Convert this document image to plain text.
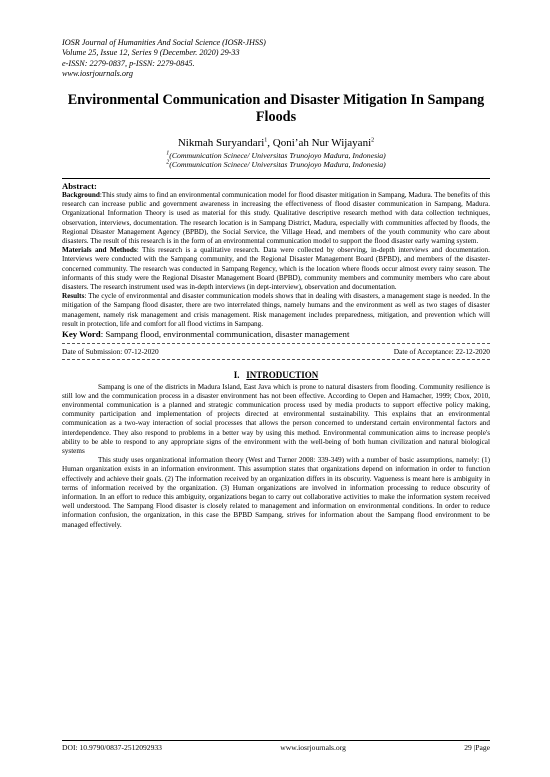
IOSR Journal of Humanities And Social Science (IOSR-JHSS)
Volume 25, Issue 12, Series 9 (December. 2020) 29-33
e-ISSN: 2279-0837, p-ISSN: 2279-0845.
www.iosrjournals.org
Environmental Communication and Disaster Mitigation In Sampang Floods
Nikmah Suryandari$^1$, Qoni’ah Nur Wijayani$^2$
$^1$(Communication Scinece/ Universitas Trunojoyo Madura, Indonesia)
$^2$(Communication Scinece/ Universitas Trunojoyo Madura, Indonesia)
Abstract:
Background:This study aims to find an environmental communication model for flood disaster mitigation in Sampang, Madura. The benefits of this research can increase public and government awareness in increasing the effectiveness of flood disaster communication in Sampang, Madura. Organizational Information Theory is used as material for this study. Qualitative descriptive research method with data collection techniques, observation, interviews, documentation. The research location is in Sampang District, Madura, especially with communities affected by floods, the Regional Disaster Management Agency (BPBD), the Social Service, the Village Head, and members of the youth community who care about disasters. The result of this research is in the form of an environmental communication model to support the flood disaster early warning system.
Materials and Methods: This research is a qualitative research. Data were collected by observing, in-depth interviews and documentation. Interviews were conducted with the Sampang community, and the Regional Disaster Management Board (BPBD), and members of the disaster-concerned community. The research was conducted in Sampang Regency, which is the location where floods occur almost every rainy season. The informants of this study were the Regional Disaster Management Board (BPBD), community members and community members who care about disasters. The research instrument used was in-depth interviews (in dept-interview), observation and documentation.
Results: The cycle of environmental and disaster communication models shows that in dealing with disasters, a management stage is needed. In the mitigation of the Sampang flood disaster, there are two interrelated things, namely humans and the environment as well as two stages of disaster management, namely risk management and crisis management. Risk management includes preparedness, mitigation, and prevention which will result in protection, life and comfort for all flood victims in Sampang.
Key Word: Sampang flood, environmental communication, disaster management
Date of Submission: 07-12-2020	Date of Acceptance: 22-12-2020
I. INTRODUCTION

Sampang is one of the districts in Madura Island, East Java which is prone to natural disasters from flooding. Community resilience is still low and the communication process in a disaster environment has not been effective. According to Oepen and Hamacher, 1999; Cbox, 2010, environmental communication is a planned and strategic communication process used by media products to support effective policy making, community participation and implementation of projects directed at environmental sustainability. This explains that an environmental communication as a two-way interaction of social processes that allows the person concerned to understand certain environmental factors and interdependence. They also respond to problems in a better way by using this method. Environmental communication aims to increase people's ability to be able to respond to any appropriate signs of the environment with the well-being of both human civilization and natural biological systems

This study uses organizational information theory (West and Turner 2008: 339-349) with a number of basic assumptions, namely: (1) Human organization exists in an information environment. This assumption states that organizations depend on information in order to function effectively and achieve their goals. (2) The information received by an organization differs in its obscurity. Vagueness is meant here is ambiguity in terms of information received by the organization. (3) Human organizations are involved in information processing to reduce obscurity of information. In an effort to reduce this ambiguity, organizations began to carry out collaborative activities to make the information system received well understood. The Sampang Flood disaster is closely related to management and information on environmental conditions. In order to reduce information confusion, the organization, in this case the BPBD Sampang, strives for information about the Sampang flood environment to be managed effectively.

DOI: 10.9790/0837-2512092933	www.iosrjournals.org	29 |Page
